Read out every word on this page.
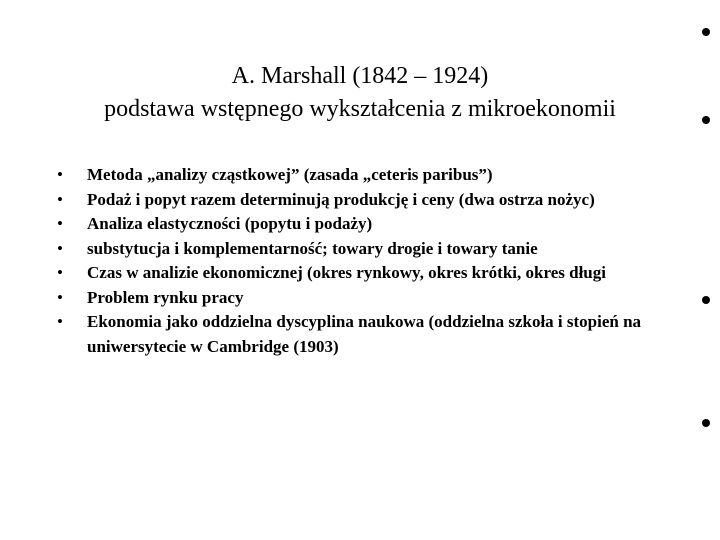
A. Marshall (1842 – 1924)
podstawa wstępnego wykształcenia z mikroekonomii
•	Metoda „analizy cząstkowej” (zasada „ceteris paribus”)
•	Podaż i popyt razem determinują produkcję i ceny (dwa ostrza nożyc)
•	Analiza elastyczności (popytu i podaży)
•	substytucja i komplementarność; towary drogie i towary tanie
•	Czas w analizie ekonomicznej (okres rynkowy, okres krótki, okres długi
•	Problem rynku pracy
•	Ekonomia jako oddzielna dyscyplina naukowa (oddzielna szkoła i stopień na uniwersytecie w Cambridge (1903)
